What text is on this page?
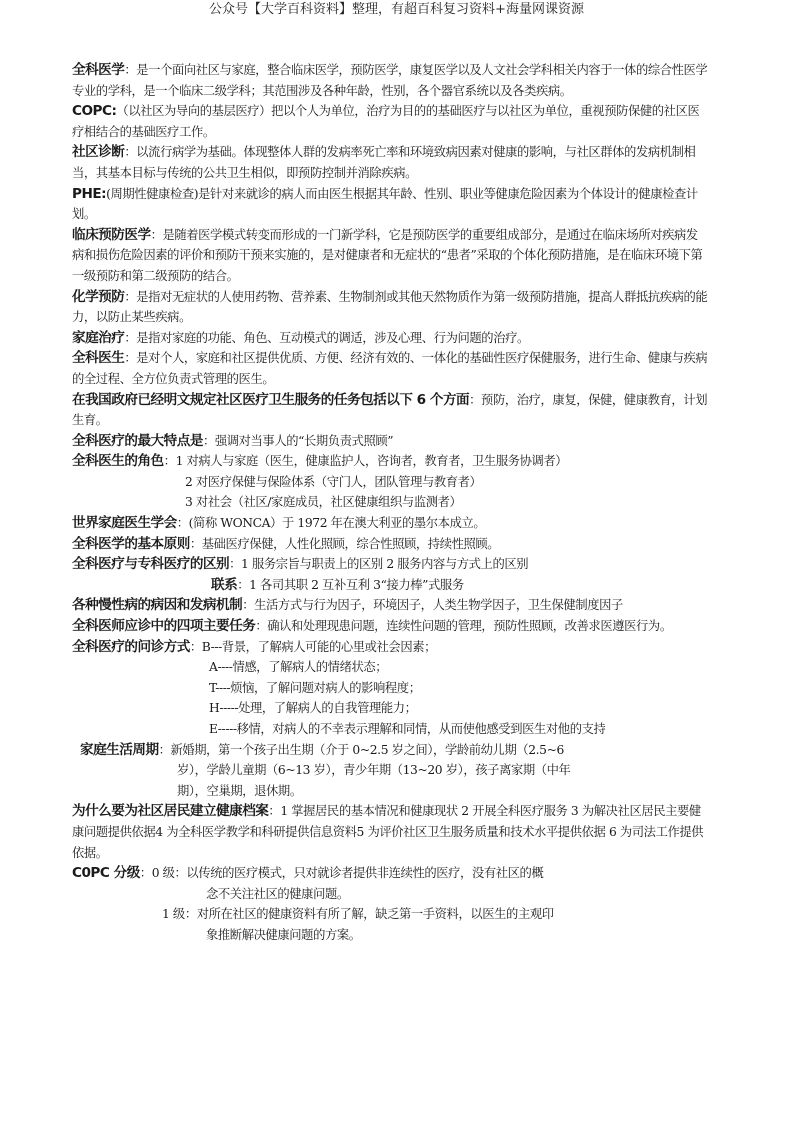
公众号【大学百科资料】整理，有超百科复习资料+海量网课资源

全科医学：是一个面向社区与家庭，整合临床医学，预防医学，康复医学以及人文社会学科相关内容于一体的综合性医学专业的学科，是一个临床二级学科；其范围涉及各种年龄，性别，各个器官系统以及各类疾病。

COPC:（以社区为导向的基层医疗）把以个人为单位，治疗为目的的基础医疗与以社区为单位，重视预防保健的社区医疗相结合的基础医疗工作。

社区诊断：以流行病学为基础。体现整体人群的发病率死亡率和环境致病因素对健康的影响，与社区群体的发病机制相当，其基本目标与传统的公共卫生相似，即预防控制并消除疾病。

PHE:(周期性健康检查)是针对来就诊的病人而由医生根据其年龄、性别、职业等健康危险因素为个体设计的健康检查计划。

临床预防医学：是随着医学模式转变而形成的一门新学科，它是预防医学的重要组成部分，是通过在临床场所对疾病发病和损伤危险因素的评价和预防干预来实施的，是对健康者和无症状的“患者”采取的个体化预防措施，是在临床环境下第一级预防和第二级预防的结合。

化学预防：是指对无症状的人使用药物、营养素、生物制剂或其他天然物质作为第一级预防措施，提高人群抵抗疾病的能力，以防止某些疾病。

家庭治疗：是指对家庭的功能、角色、互动模式的调适，涉及心理、行为问题的治疗。

全科医生：是对个人，家庭和社区提供优质、方便、经济有效的、一体化的基础性医疗保健服务，进行生命、健康与疾病的全过程、全方位负责式管理的医生。

在我国政府已经明文规定社区医疗卫生服务的任务包括以下 6 个方面：预防，治疗，康复，保健，健康教育，计划生育。

全科医疗的最大特点是：强调对当事人的“长期负责式照顾”

全科医生的角色：1 对病人与家庭（医生，健康监护人，咨询者，教育者，卫生服务协调者）

2 对医疗保健与保险体系（守门人，团队管理与教育者）

3 对社会（社区/家庭成员，社区健康组织与监测者）

世界家庭医生学会：(简称 WONCA）于 1972 年在澳大利亚的墨尔本成立。

全科医学的基本原则：基础医疗保健，人性化照顾，综合性照顾，持续性照顾。

全科医疗与专科医疗的区别：1 服务宗旨与职责上的区别 2 服务内容与方式上的区别

联系：1 各司其职 2 互补互利 3“接力棒”式服务

各种慢性病的病因和发病机制：生活方式与行为因子，环境因子，人类生物学因子，卫生保健制度因子

全科医师应诊中的四项主要任务：确认和处理现患问题，连续性问题的管理，预防性照顾，改善求医遵医行为。

全科医疗的问诊方式：B---背景，了解病人可能的心里或社会因素；

A----情感，了解病人的情绪状态；

T----烦恼，了解问题对病人的影响程度；

H-----处理，了解病人的自我管理能力；

E-----移情，对病人的不幸表示理解和同情，从而使他感受到医生对他的支持

家庭生活周期：新婚期，第一个孩子出生期（介于 0~2.5 岁之间），学龄前幼儿期（2.5~6

岁），学龄儿童期（6~13 岁），青少年期（13~20 岁），孩子离家期（中年

期），空巢期，退休期。

为什么要为社区居民建立健康档案：1 掌握居民的基本情况和健康现状 2 开展全科医疗服务 3 为解决社区居民主要健康问题提供依据4 为全科医学教学和科研提供信息资料5 为评价社区卫生服务质量和技术水平提供依据 6 为司法工作提供依据。

C0PC 分级：0 级：以传统的医疗模式，只对就诊者提供非连续性的医疗，没有社区的概

念不关注社区的健康问题。

1 级：对所在社区的健康资料有所了解，缺乏第一手资料，以医生的主观印

象推断解决健康问题的方案。
